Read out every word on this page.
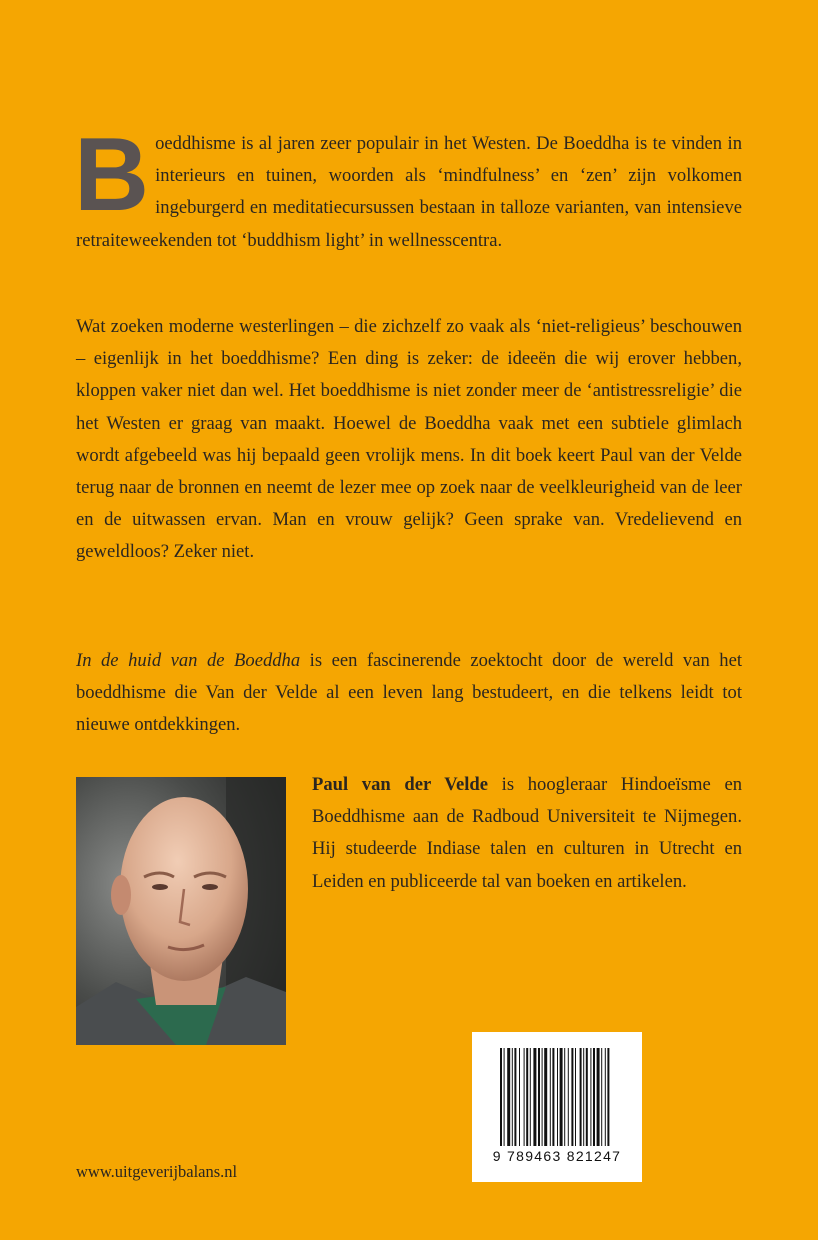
B oeddhisme is al jaren zeer populair in het Westen. De Boeddha is te vinden in interieurs en tuinen, woorden als ‘mindfulness’ en ‘zen’ zijn volkomen ingeburgerd en meditatiecursussen bestaan in talloze varianten, van intensieve retraiteweekenden tot ‘buddhism light’ in wellnesscentra.

Wat zoeken moderne westerlingen – die zichzelf zo vaak als ‘niet-religieus’ beschouwen – eigenlijk in het boeddhisme? Een ding is zeker: de ideeën die wij erover hebben, kloppen vaker niet dan wel. Het boeddhisme is niet zonder meer de ‘antistressreligie’ die het Westen er graag van maakt. Hoewel de Boeddha vaak met een subtiele glimlach wordt afgebeeld was hij bepaald geen vrolijk mens. In dit boek keert Paul van der Velde terug naar de bronnen en neemt de lezer mee op zoek naar de veelkleurigheid van de leer en de uitwassen ervan. Man en vrouw gelijk? Geen sprake van. Vredelievend en geweldloos? Zeker niet.

In de huid van de Boeddha is een fascinerende zoektocht door de wereld van het boeddhisme die Van der Velde al een leven lang bestudeert, en die telkens leidt tot nieuwe ontdekkingen.

Paul van der Velde is hoogleraar Hindoeïsme en Boeddhisme aan de Radboud Universiteit te Nijmegen. Hij studeerde Indiase talen en culturen in Utrecht en Leiden en publiceerde tal van boeken en artikelen.

www.uitgeverijbalans.nl
9 789463 821247
